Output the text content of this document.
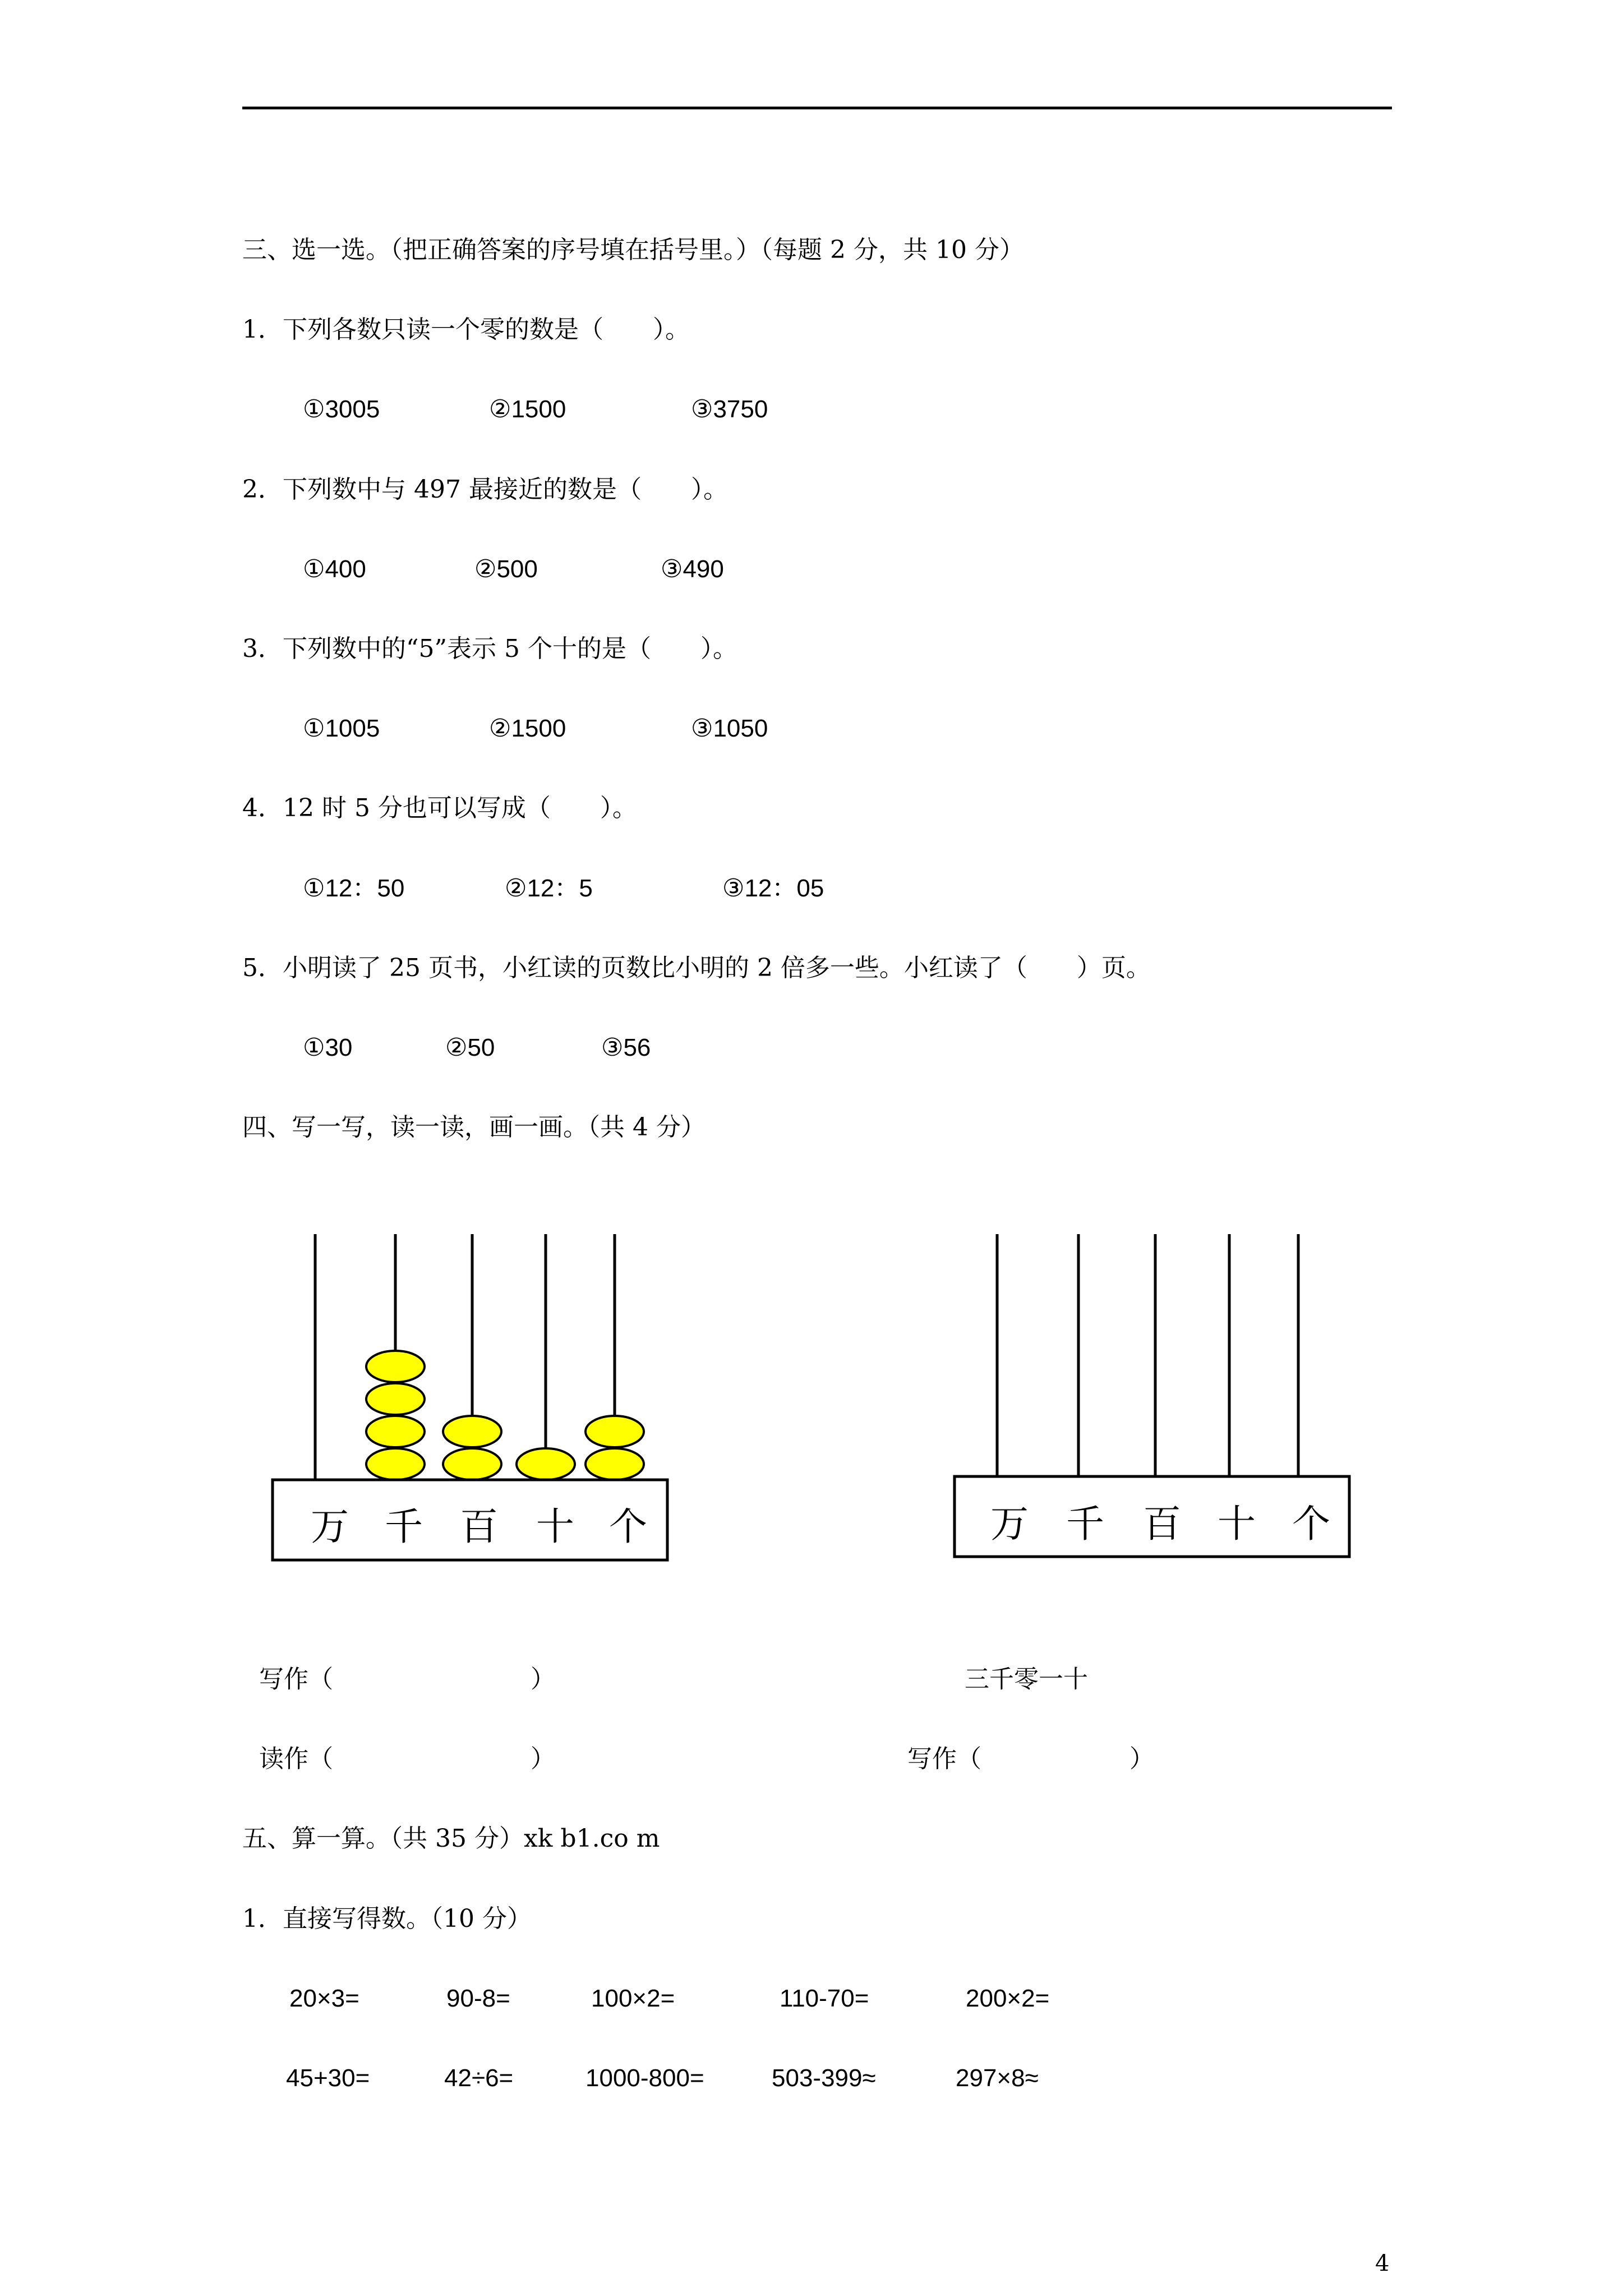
三、选一选。（把正确答案的序号填在括号里。）（每题 2 分，共 10 分）
1．下列各数只读一个零的数是（　　）。
①3005	②1500	③3750
2．下列数中与 497 最接近的数是（　　）。
①400	②500	③490
3．下列数中的“5”表示 5 个十的是（　　）。
①1005	②1500	③1050
4．12 时 5 分也可以写成（　　）。
①12：50	②12：5	③12：05
5．小明读了 25 页书，小红读的页数比小明的 2 倍多一些。小红读了（　　）页。
①30	②50	③56
四、写一写，读一读，画一画。（共 4 分）
万 千 百 十 个	万 千 百 十 个
写作（　　　　　　　　）	三千零一十
读作（　　　　　　　　）	写作（　　　　　　）
五、算一算。（共 35 分）xk b1.co m
1．直接写得数。（10 分）
20×3=	90-8=	100×2=	110-70=	200×2=
45+30=	42÷6=	1000-800=	503-399≈	297×8≈
4
